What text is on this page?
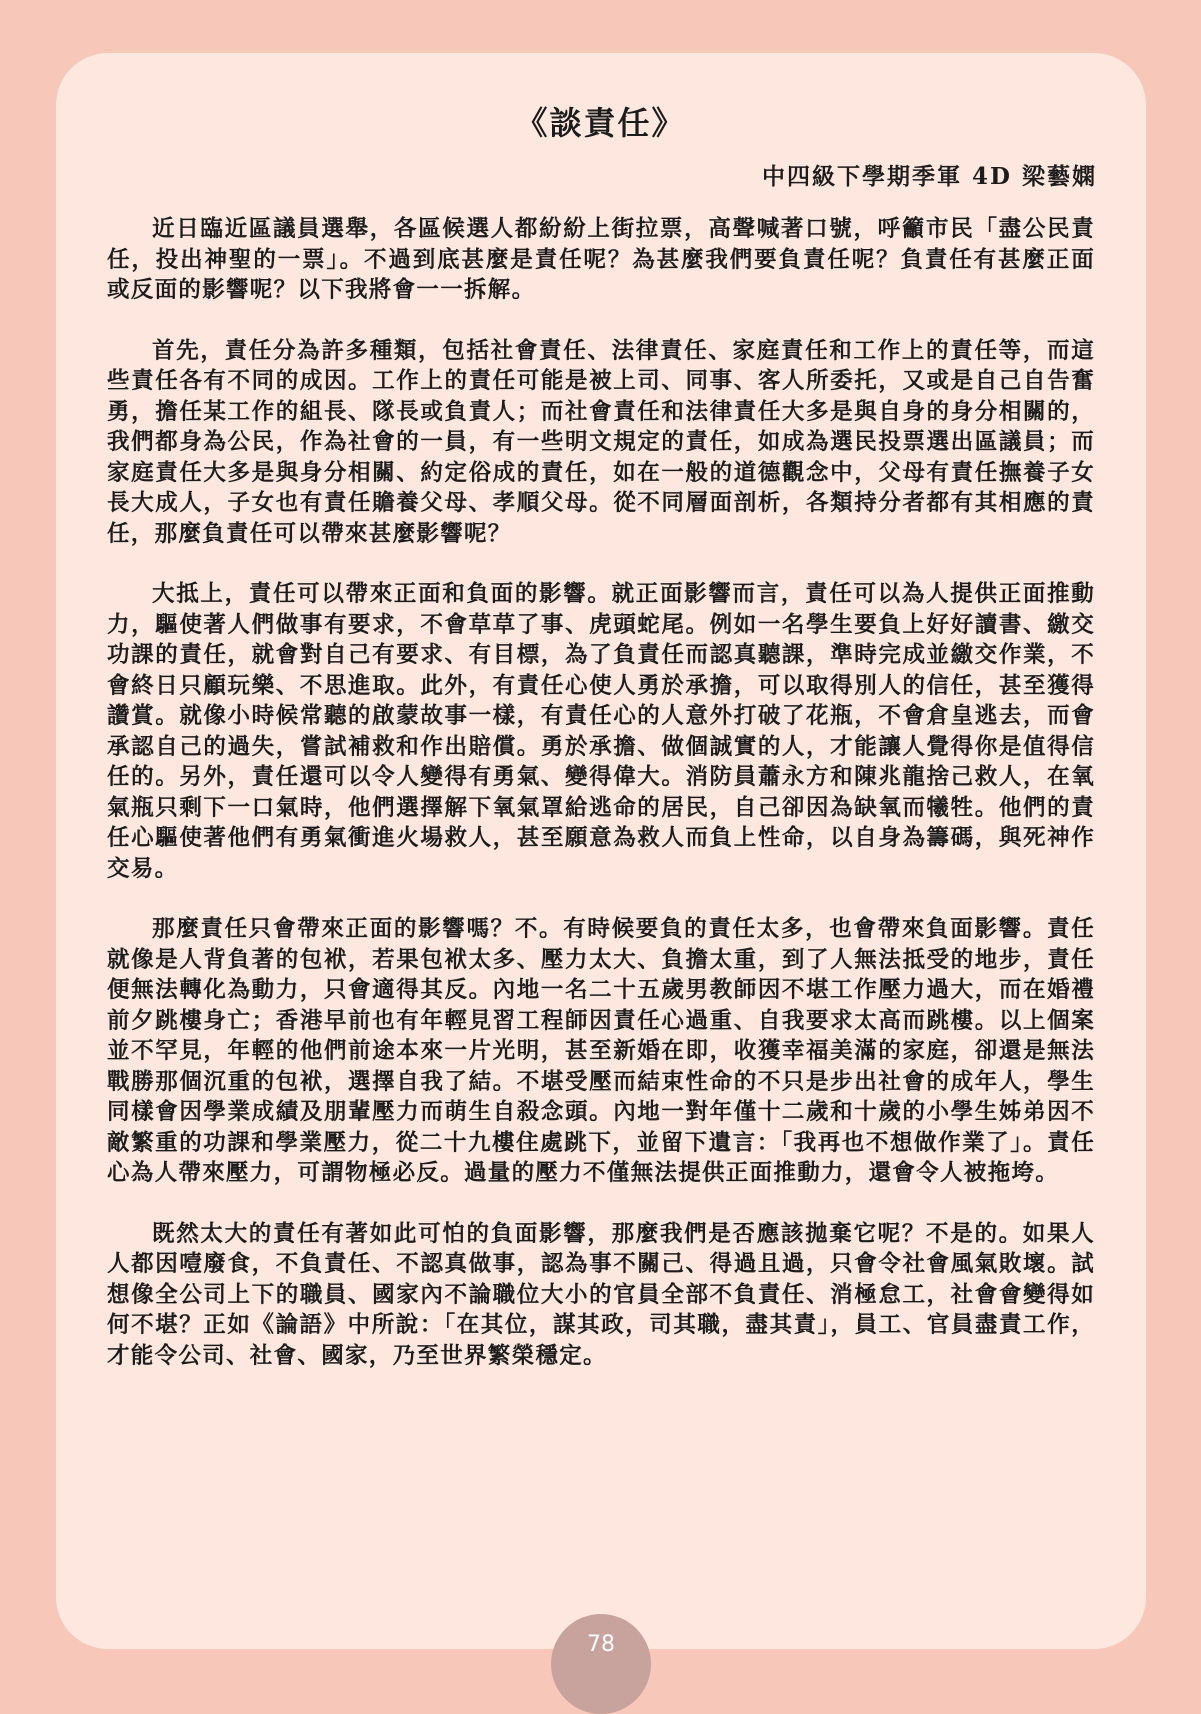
《談責任》
中四級下學期季軍 4D 梁藝嫻

近日臨近區議員選舉，各區候選人都紛紛上街拉票，高聲喊著口號，呼籲市民「盡公民責任，投出神聖的一票」。不過到底甚麼是責任呢？為甚麼我們要負責任呢？負責任有甚麼正面或反面的影響呢？以下我將會一一拆解。

首先，責任分為許多種類，包括社會責任、法律責任、家庭責任和工作上的責任等，而這些責任各有不同的成因。工作上的責任可能是被上司、同事、客人所委托，又或是自己自告奮勇，擔任某工作的組長、隊長或負責人；而社會責任和法律責任大多是與自身的身分相關的，我們都身為公民，作為社會的一員，有一些明文規定的責任，如成為選民投票選出區議員；而家庭責任大多是與身分相關、約定俗成的責任，如在一般的道德觀念中，父母有責任撫養子女長大成人，子女也有責任贍養父母、孝順父母。從不同層面剖析，各類持分者都有其相應的責任，那麼負責任可以帶來甚麼影響呢？

大抵上，責任可以帶來正面和負面的影響。就正面影響而言，責任可以為人提供正面推動力，驅使著人們做事有要求，不會草草了事、虎頭蛇尾。例如一名學生要負上好好讀書、繳交功課的責任，就會對自己有要求、有目標，為了負責任而認真聽課，準時完成並繳交作業，不會終日只顧玩樂、不思進取。此外，有責任心使人勇於承擔，可以取得別人的信任，甚至獲得讚賞。就像小時候常聽的啟蒙故事一樣，有責任心的人意外打破了花瓶，不會倉皇逃去，而會承認自己的過失，嘗試補救和作出賠償。勇於承擔、做個誠實的人，才能讓人覺得你是值得信任的。另外，責任還可以令人變得有勇氣、變得偉大。消防員蕭永方和陳兆龍捨己救人，在氧氣瓶只剩下一口氣時，他們選擇解下氧氣罩給逃命的居民，自己卻因為缺氧而犧牲。他們的責任心驅使著他們有勇氣衝進火場救人，甚至願意為救人而負上性命，以自身為籌碼，與死神作交易。

那麼責任只會帶來正面的影響嗎？不。有時候要負的責任太多，也會帶來負面影響。責任就像是人背負著的包袱，若果包袱太多、壓力太大、負擔太重，到了人無法抵受的地步，責任便無法轉化為動力，只會適得其反。內地一名二十五歲男教師因不堪工作壓力過大，而在婚禮前夕跳樓身亡；香港早前也有年輕見習工程師因責任心過重、自我要求太高而跳樓。以上個案並不罕見，年輕的他們前途本來一片光明，甚至新婚在即，收獲幸福美滿的家庭，卻還是無法戰勝那個沉重的包袱，選擇自我了結。不堪受壓而結束性命的不只是步出社會的成年人，學生同樣會因學業成績及朋輩壓力而萌生自殺念頭。內地一對年僅十二歲和十歲的小學生姊弟因不敵繁重的功課和學業壓力，從二十九樓住處跳下，並留下遺言：「我再也不想做作業了」。責任心為人帶來壓力，可謂物極必反。過量的壓力不僅無法提供正面推動力，還會令人被拖垮。

既然太大的責任有著如此可怕的負面影響，那麼我們是否應該拋棄它呢？不是的。如果人人都因噎廢食，不負責任、不認真做事，認為事不關己、得過且過，只會令社會風氣敗壞。試想像全公司上下的職員、國家內不論職位大小的官員全部不負責任、消極怠工，社會會變得如何不堪？正如《論語》中所說：「在其位，謀其政，司其職，盡其責」，員工、官員盡責工作，才能令公司、社會、國家，乃至世界繁榮穩定。

78
